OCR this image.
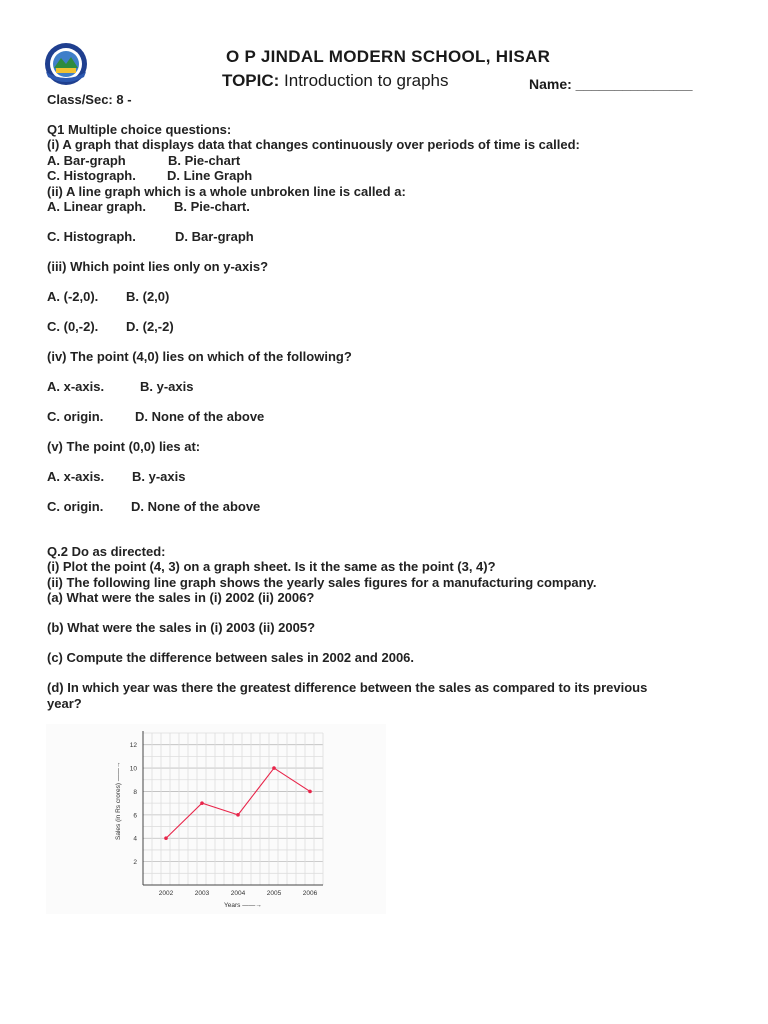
O P JINDAL MODERN SCHOOL, HISAR
TOPIC: Introduction to graphs	Name: _______________
Class/Sec: 8 -
Q1 Multiple choice questions:
(i) A graph that displays data that changes continuously over periods of time is called:
A. Bar-graph	B. Pie-chart
C. Histograph. D. Line Graph
(ii) A line graph which is a whole unbroken line is called a:
A. Linear graph. B. Pie-chart.
C. Histograph.	D. Bar-graph
(iii) Which point lies only on y-axis?
A. (-2,0). B. (2,0)
C. (0,-2). D. (2,-2)
(iv) The point (4,0) lies on which of the following?
A. x-axis.	B. y-axis
C. origin. D. None of the above
(v) The point (0,0) lies at:
A. x-axis. B. y-axis
C. origin. D. None of the above
Q.2 Do as directed:
(i) Plot the point (4, 3) on a graph sheet. Is it the same as the point (3, 4)?
(ii) The following line graph shows the yearly sales figures for a manufacturing company.
(a) What were the sales in (i) 2002 (ii) 2006?
(b) What were the sales in (i) 2003 (ii) 2005?
(c) Compute the difference between sales in 2002 and 2006.
(d) In which year was there the greatest difference between the sales as compared to its previous
year?
2
4
6
8
10
12
2002	2003	2004	2005	2006
Years ——→
Sales (in Rs crores) ——→
